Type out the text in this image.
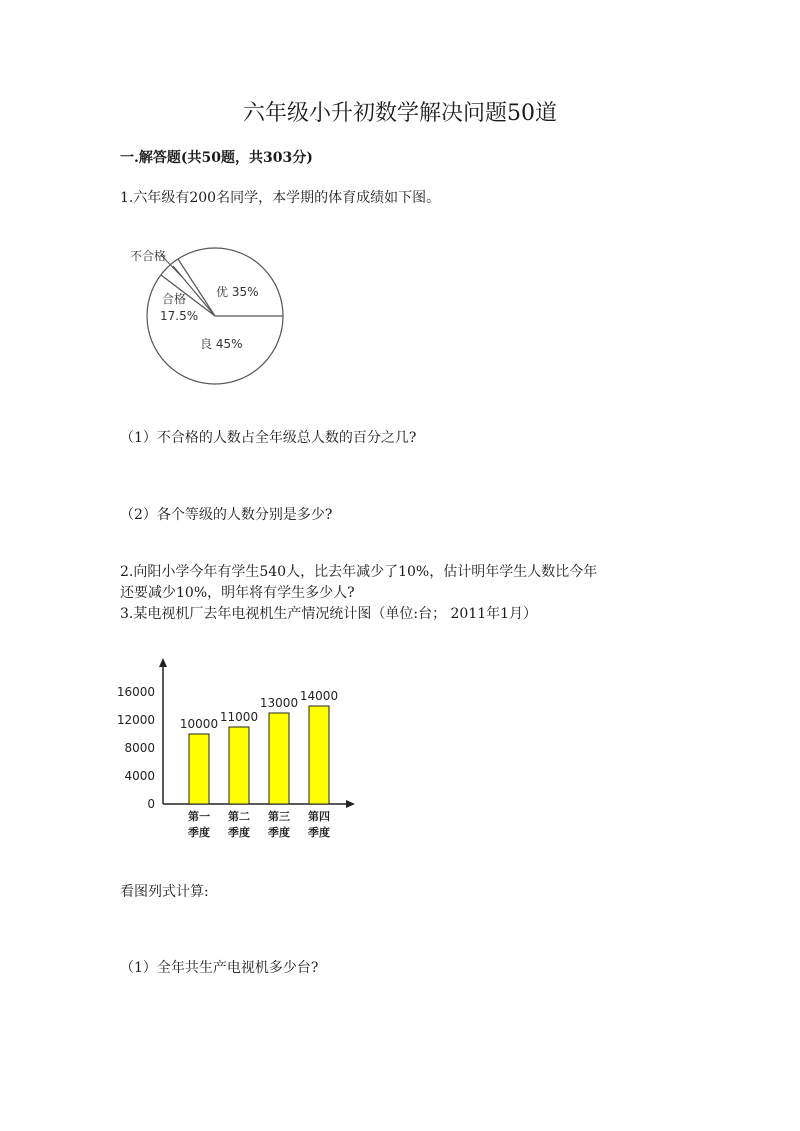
六年级小升初数学解决问题50道
一.解答题(共50题，共303分)
1.六年级有200名同学，本学期的体育成绩如下图。
不合格
合格
17.5%
优 35%
良 45%
（1）不合格的人数占全年级总人数的百分之几?
（2）各个等级的人数分别是多少?
2.向阳小学今年有学生540人，比去年减少了10%，估计明年学生人数比今年
还要减少10%，明年将有学生多少人?
3.某电视机厂去年电视机生产情况统计图（单位:台； 2011年1月）
0
4000
8000
12000
16000
10000 11000
13000 14000
第一
季度
第二
季度
第三
季度
第四
季度
看图列式计算:
（1）全年共生产电视机多少台?
